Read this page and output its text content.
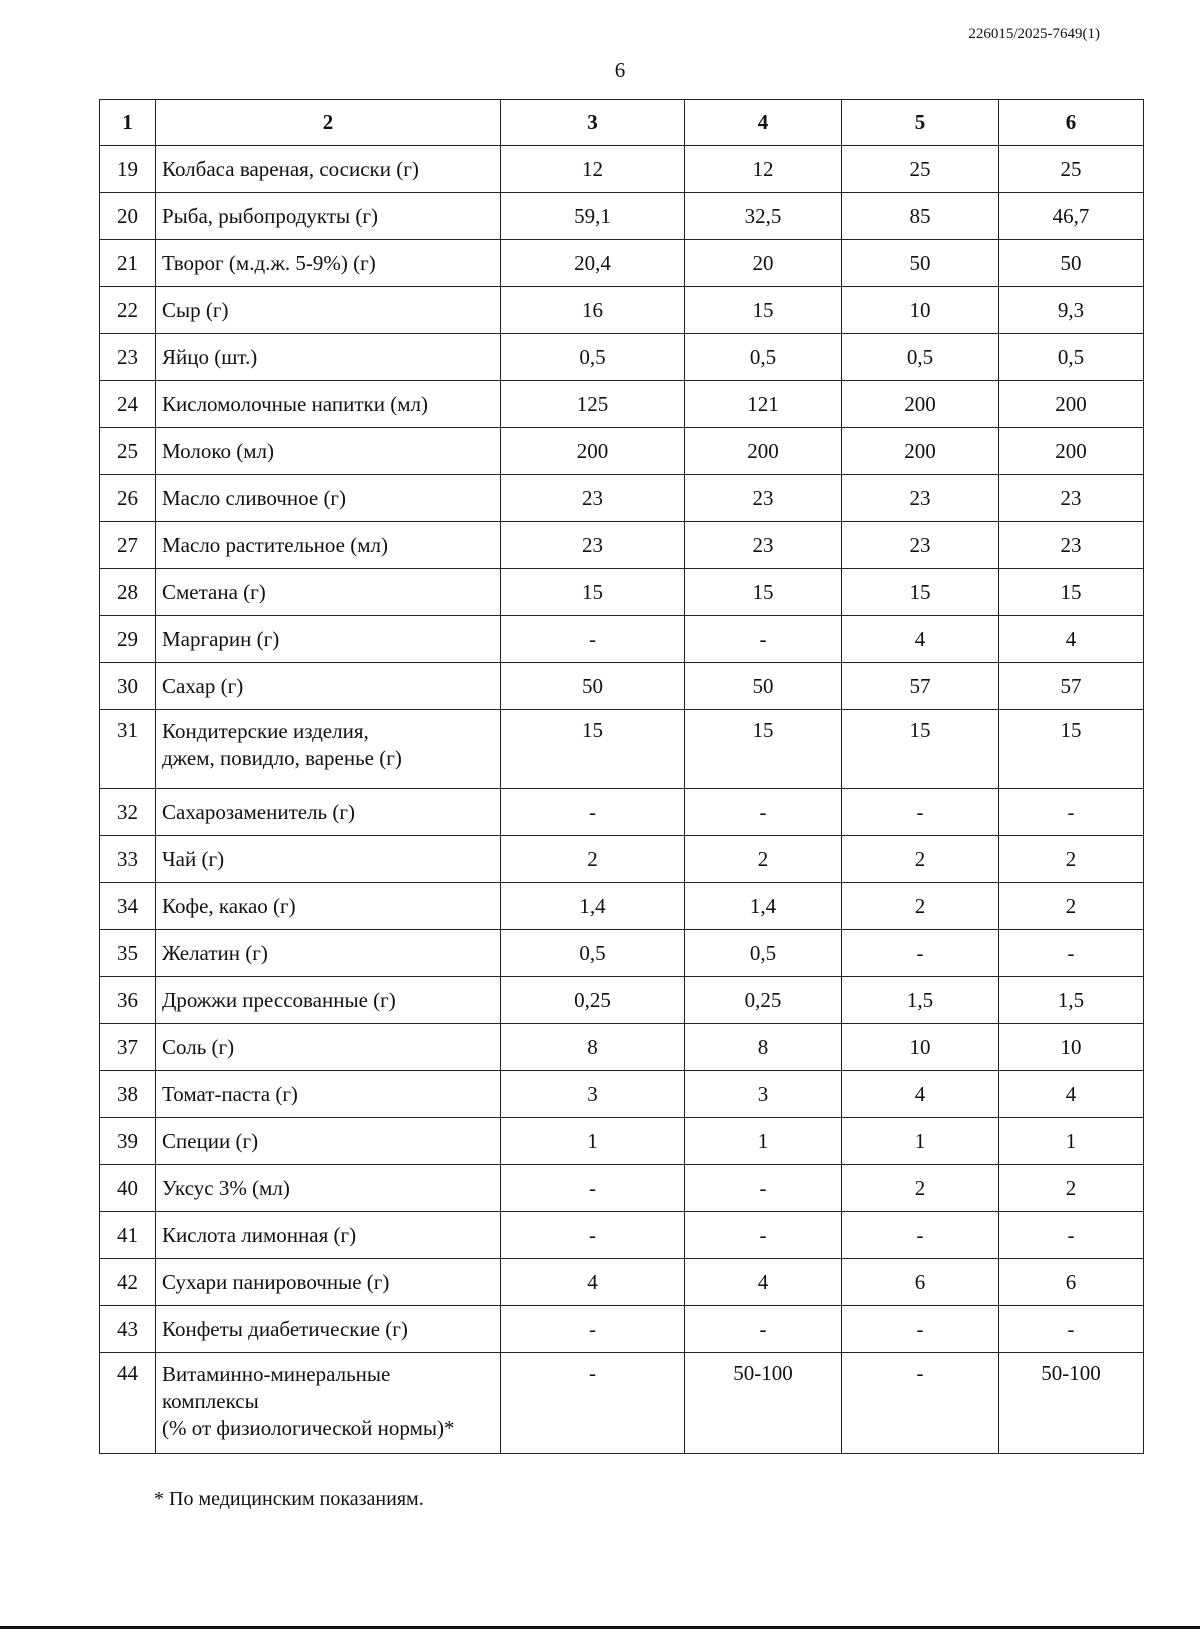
226015/2025-7649(1)
6
1	2	3	4	5	6
19	Колбаса вареная, сосиски (г)	12	12	25	25
20	Рыба, рыбопродукты (г)	59,1	32,5	85	46,7
21	Творог (м.д.ж. 5-9%) (г)	20,4	20	50	50
22	Сыр (г)	16	15	10	9,3
23	Яйцо (шт.)	0,5	0,5	0,5	0,5
24	Кисломолочные напитки (мл)	125	121	200	200
25	Молоко (мл)	200	200	200	200
26	Масло сливочное (г)	23	23	23	23
27	Масло растительное (мл)	23	23	23	23
28	Сметана (г)	15	15	15	15
29	Маргарин (г)	-	-	4	4
30	Сахар (г)	50	50	57	57
31	Кондитерские изделия,
джем, повидло, варенье (г)	15	15	15	15
32	Сахарозаменитель (г)	-	-	-	-
33	Чай (г)	2	2	2	2
34	Кофе, какао (г)	1,4	1,4	2	2
35	Желатин (г)	0,5	0,5	-	-
36	Дрожжи прессованные (г)	0,25	0,25	1,5	1,5
37	Соль (г)	8	8	10	10
38	Томат-паста (г)	3	3	4	4
39	Специи (г)	1	1	1	1
40	Уксус 3% (мл)	-	-	2	2
41	Кислота лимонная (г)	-	-	-	-
42	Сухари панировочные (г)	4	4	6	6
43	Конфеты диабетические (г)	-	-	-	-
44	Витаминно-минеральные
комплексы
(% от физиологической нормы)*	-	50-100	-	50-100
* По медицинским показаниям.
